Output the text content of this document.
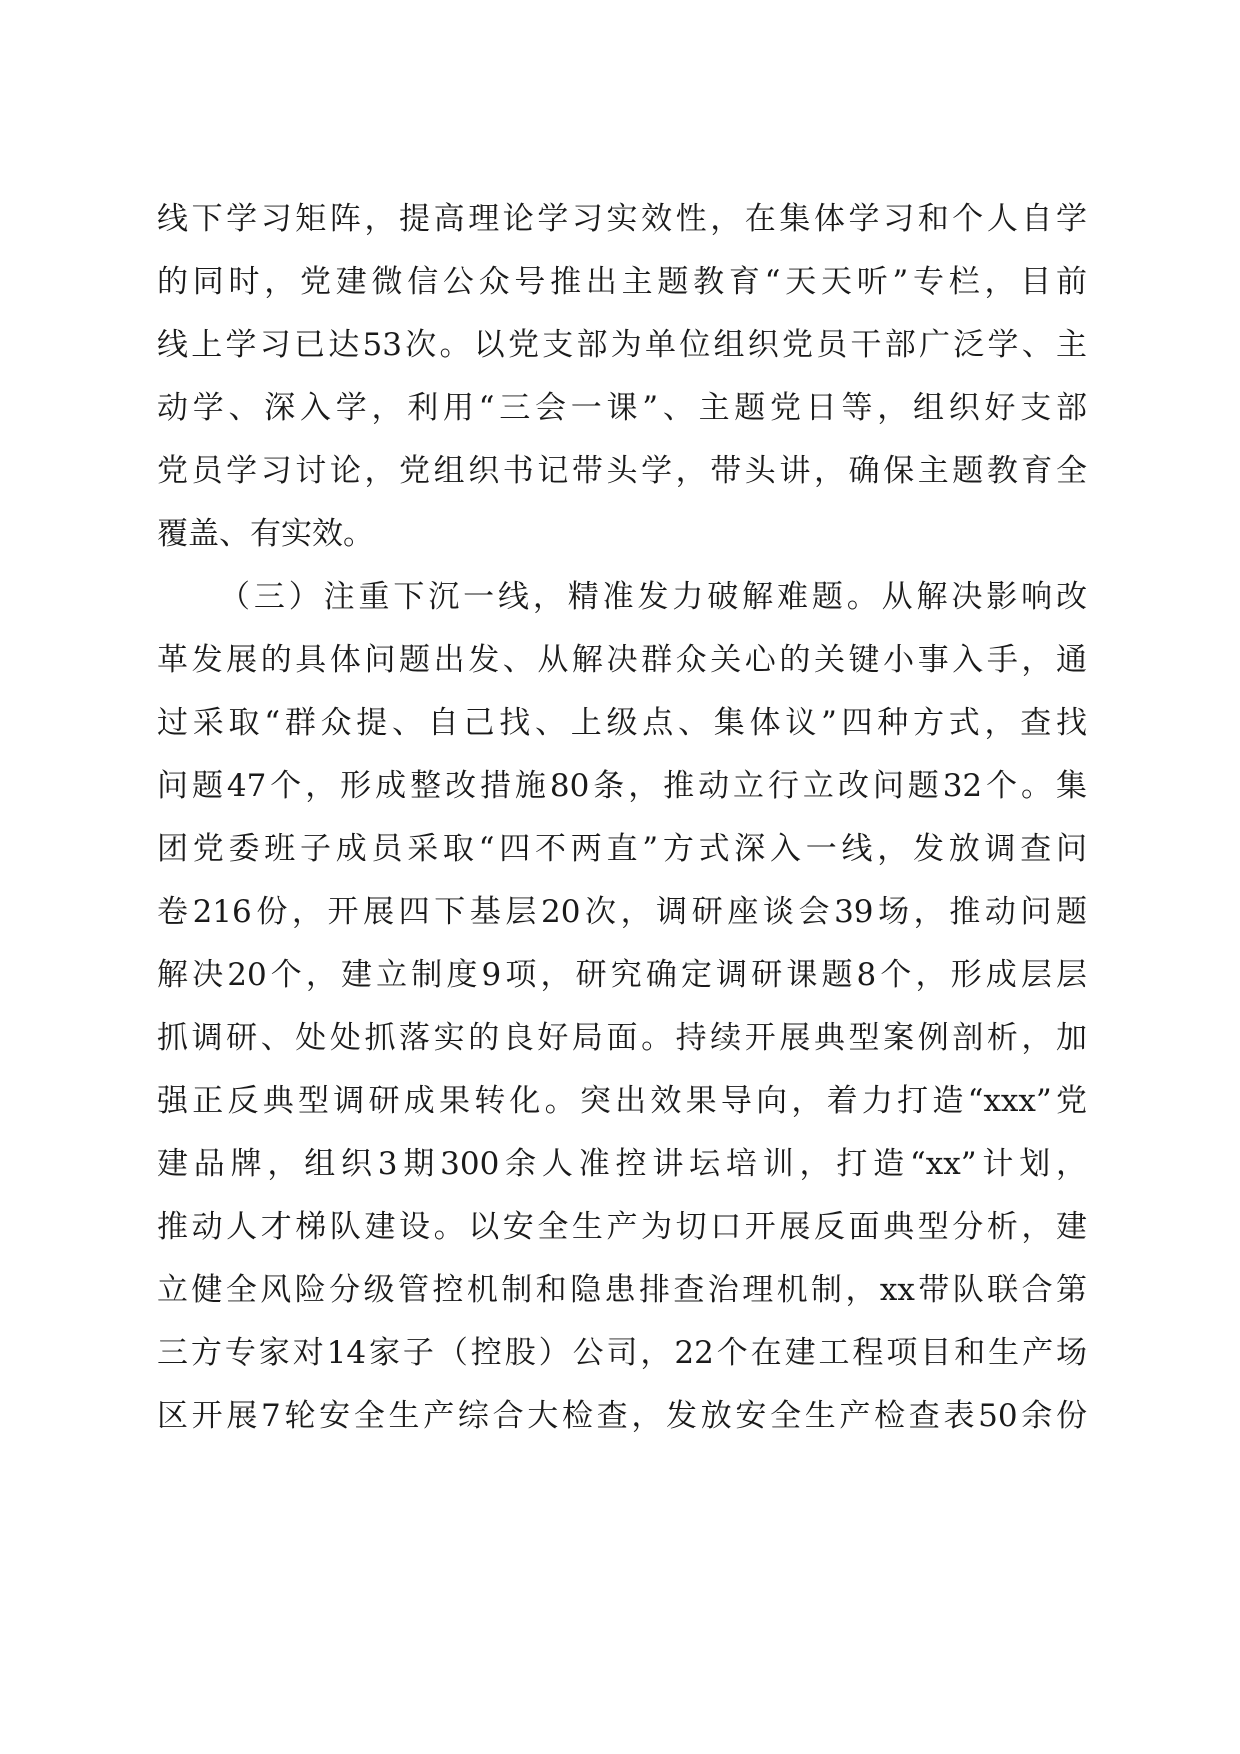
线下学习矩阵，提高理论学习实效性，在集体学习和个人自学
的同时，党建微信公众号推出主题教育“天天听”专栏，目前
线上学习已达53次。以党支部为单位组织党员干部广泛学、主
动学、深入学，利用“三会一课”、主题党日等，组织好支部
党员学习讨论，党组织书记带头学，带头讲，确保主题教育全
覆盖、有实效。
（三）注重下沉一线，精准发力破解难题。从解决影响改
革发展的具体问题出发、从解决群众关心的关键小事入手，通
过采取“群众提、自己找、上级点、集体议”四种方式，查找
问题47个，形成整改措施80条，推动立行立改问题32个。集
团党委班子成员采取“四不两直”方式深入一线，发放调查问
卷216份，开展四下基层20次，调研座谈会39场，推动问题
解决20个，建立制度9项，研究确定调研课题8个，形成层层
抓调研、处处抓落实的良好局面。持续开展典型案例剖析，加
强正反典型调研成果转化。突出效果导向，着力打造“xxx”党
建品牌，组织3期300余人准控讲坛培训，打造“xx”计划，
推动人才梯队建设。以安全生产为切口开展反面典型分析，建
立健全风险分级管控机制和隐患排查治理机制，xx带队联合第
三方专家对14家子（控股）公司，22个在建工程项目和生产场
区开展7轮安全生产综合大检查，发放安全生产检查表50余份
